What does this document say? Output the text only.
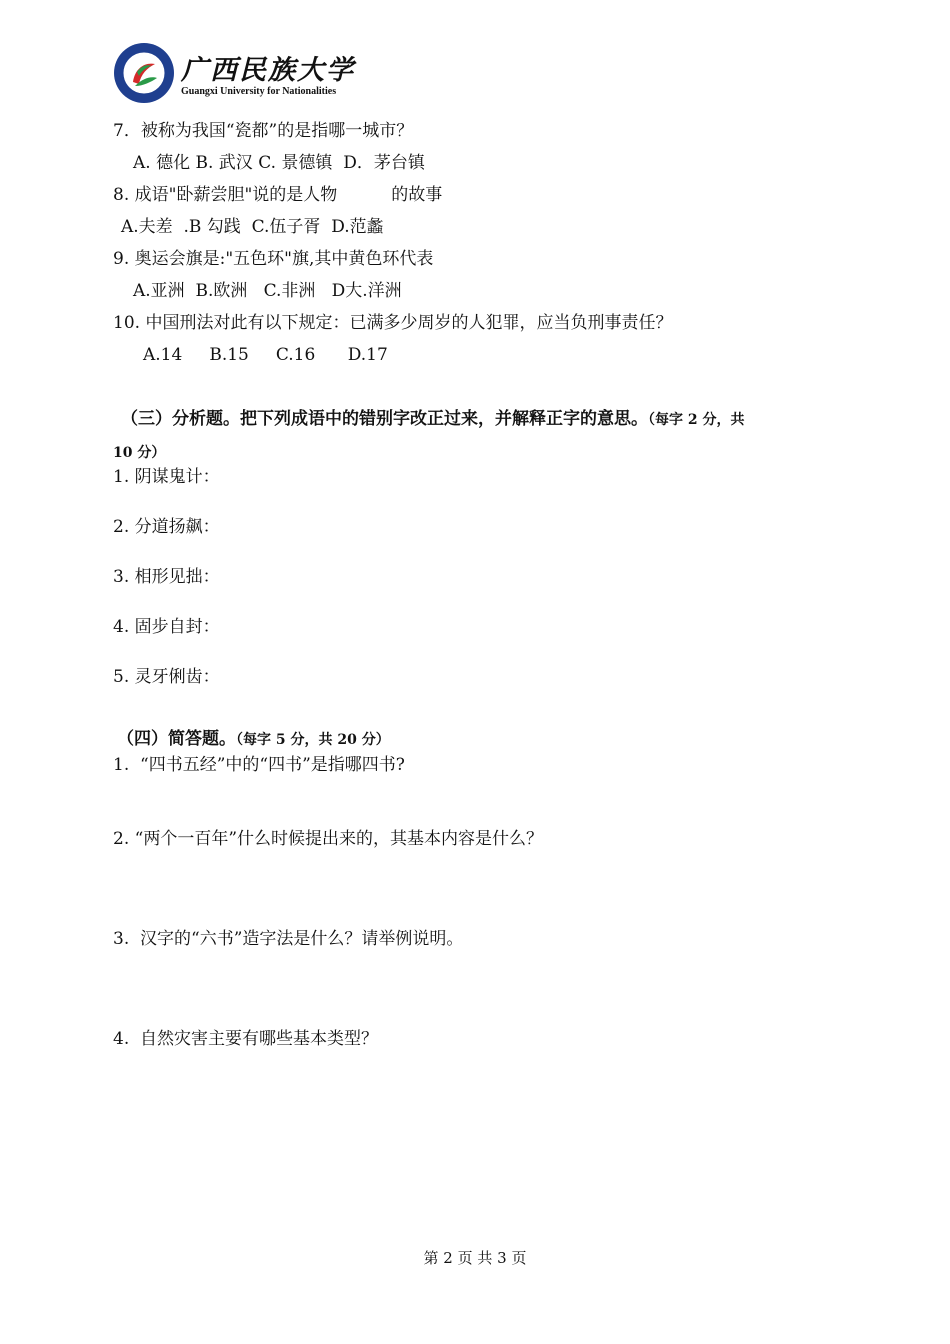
广西民族大学
Guangxi University for Nationalities
7．被称为我国“瓷都”的是指哪一城市？
A. 德化 B. 武汉 C. 景德镇  D．茅台镇
8. 成语"卧薪尝胆"说的是人物          的故事
A.夫差  .B 勾践  C.伍子胥  D.范蠡
9. 奥运会旗是:"五色环"旗,其中黄色环代表
A.亚洲  B.欧洲   C.非洲   D大.洋洲
10. 中国刑法对此有以下规定：已满多少周岁的人犯罪，应当负刑事责任？
A.14     B.15     C.16      D.17
（三）分析题。把下列成语中的错别字改正过来，并解释正字的意思。（每字 2 分，共
10 分）
1. 阴谋鬼计：
2. 分道扬飙：
3. 相形见拙：
4. 固步自封：
5. 灵牙俐齿：
（四）简答题。（每字 5 分，共 20 分）
1.  “四书五经”中的“四书”是指哪四书?
2. “两个一百年”什么时候提出来的，其基本内容是什么？
3.  汉字的“六书”造字法是什么？请举例说明。
4.  自然灾害主要有哪些基本类型？
第 2 页 共 3 页
